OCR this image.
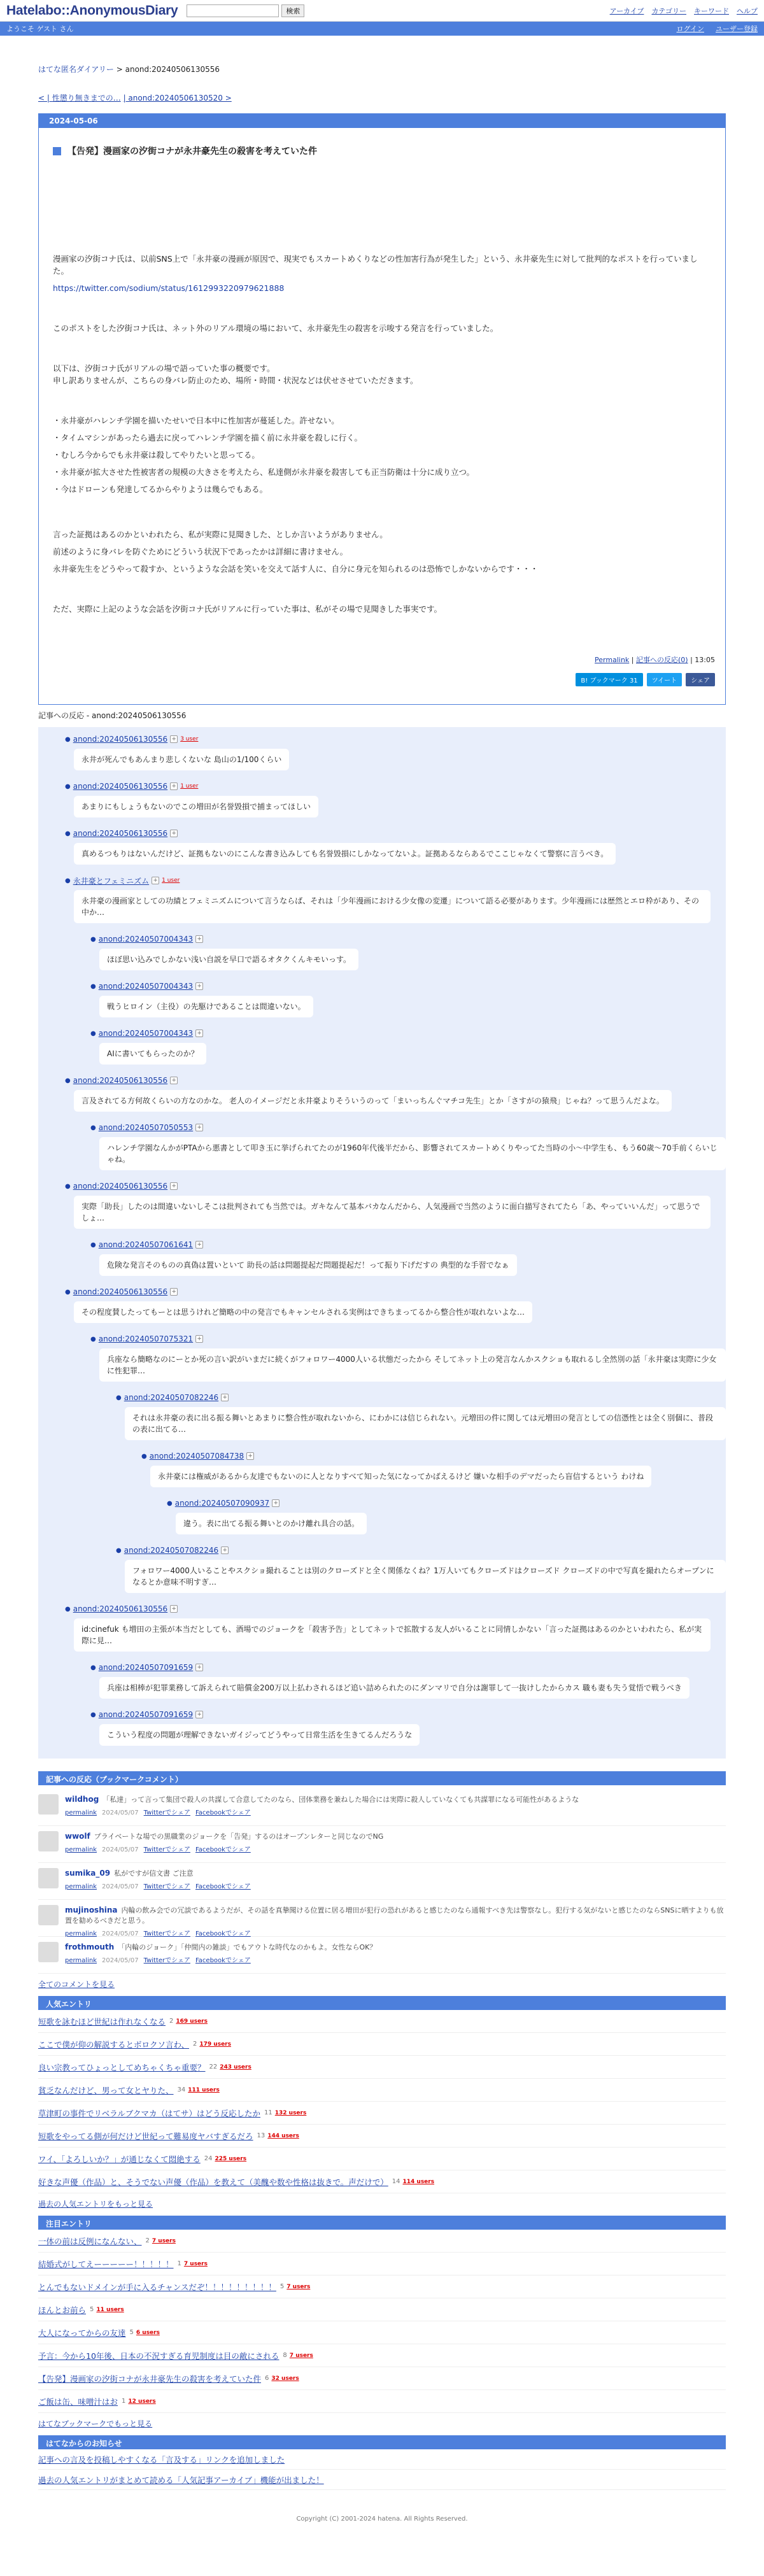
Hatelabo::AnonymousDiary	検索	アーカイブ カテゴリー キーワード ヘルプ
ようこそ ゲスト さん	ログイン ユーザー登録
はてな匿名ダイアリー > anond:20240506130556
< | 性懲り無きまでの… | anond:20240506130520 >
2024-05-06
【告発】漫画家の汐街コナが永井豪先生の殺害を考えていた件

漫画家の汐街コナ氏は、以前SNS上で「永井豪の漫画が原因で、現実でもスカートめくりなどの性加害行為が発生した」という、永井豪先生に対して批判的なポストを行っていました。

https://twitter.com/sodium/status/1612993220979621888

このポストをした汐街コナ氏は、ネット外のリアル環境の場において、永井豪先生の殺害を示唆する発言を行っていました。

以下は、汐街コナ氏がリアルの場で語っていた事の概要です。

申し訳ありませんが、こちらの身バレ防止のため、場所・時間・状況などは伏せさせていただきます。

・永井豪がハレンチ学園を描いたせいで日本中に性加害が蔓延した。許せない。

・タイムマシンがあったら過去に戻ってハレンチ学園を描く前に永井豪を殺しに行く。

・むしろ今からでも永井豪は殺してやりたいと思ってる。

・永井豪が拡大させた性被害者の規模の大きさを考えたら、私達側が永井豪を殺害しても正当防衛は十分に成り立つ。

・今はドローンも発達してるからやりようは幾らでもある。

言った証拠はあるのかといわれたら、私が実際に見聞きした、としか言いようがありません。

前述のように身バレを防ぐためにどういう状況下であったかは詳細に書けません。

永井豪先生をどうやって殺すか、というような会話を笑いを交えて話す人に、自分に身元を知られるのは恐怖でしかないからです・・・

ただ、実際に上記のような会話を汐街コナ氏がリアルに行っていた事は、私がその場で見聞きした事実です。

Permalink | 記事への反応(0) | 13:05
B! ブックマーク 31	ツイート	シェア
記事への反応 - anond:20240506130556
● anond:20240506130556 + 3 user
永井が死んでもあんまり悲しくないな 島山の1/100くらい
● anond:20240506130556 + 1 user
あまりにもしょうもないのでこの増田が名誉毀損で捕まってほしい
● anond:20240506130556 +
真めるつもりはないんだけど、証拠もないのにこんな書き込みしても名誉毀損にしかなってないよ。証拠あるならあるでここじゃなくて警察に言うべき。
● 永井豪とフェミニズム + 1 user
永井豪の漫画家としての功績とフェミニズムについて言うならば、それは「少年漫画における少女像の変遷」について語る必要があります。少年漫画には歴然とエロ枠があり、その中か…
● anond:20240507004343 +
ほぼ思い込みでしかない浅い自説を早口で語るオタクくんキモいっす。
● anond:20240507004343 +
戦うヒロイン（主役）の先駆けであることは間違いない。
● anond:20240507004343 +
AIに書いてもらったのか？
● anond:20240506130556 +
言及されてる方何故くらいの方なのかな。 老人のイメージだと永井豪よりそういうのって「まいっちんぐマチコ先生」とか「さすがの猿飛」じゃね？って思うんだよな。
● anond:20240507050553 +
ハレンチ学園なんかがPTAから悪書として叩き玉に挙げられてたのが1960年代後半だから、影響されてスカートめくりやってた当時の小〜中学生も、もう60歳〜70手前くらいじゃね。
● anond:20240506130556 +
実際「助長」したのは間違いないしそこは批判されても当然では。ガキなんて基本バカなんだから、人気漫画で当然のように面白描写されてたら「あ、やっていいんだ」って思うでしょ…
● anond:20240507061641 +
危険な発言そのものの真偽は置いといて 助長の話は問題提起だ問題提起だ！って振り下げだすの 典型的な手習でなぁ
● anond:20240506130556 +
その程度賛したってもーとは思うけれど簡略の中の発言でもキャンセルされる実例はできちまってるから整合性が取れないよな…
● anond:20240507075321 +
兵座なら簡略なのにーとか死の言い訳がいまだに続くがフォロワー4000人いる状態だったから そしてネット上の発言なんかスクショも取れるし全然別の話「永井豪は実際に少女に性犯罪…
● anond:20240507082246 +
それは永井豪の表に出る振る舞いとあまりに整合性が取れないから、にわかには信じられない。元増田の件に関しては元増田の発言としての信憑性とは全く別個に、普段の表に出てる…
● anond:20240507084738 +
永井豪には権威があるから友達でもないのに人となりすべて知った気になってかばえるけど 嫌いな相手のデマだったら盲信するという わけね
● anond:20240507090937 +
違う。表に出てる振る舞いとのかけ離れ具合の話。
● anond:20240507082246 +
フォロワー4000人いることやスクショ撮れることは別のクローズドと全く関係なくね？1万人いてもクローズドはクローズド クローズドの中で写真を撮れたらオープンになるとか意味不明すぎ…
● anond:20240506130556 +
id:cinefuk も増田の主張が本当だとしても、酒場でのジョークを「殺害予告」としてネットで拡散する友人がいることに同情しかない「言った証拠はあるのかといわれたら、私が実際に見…
● anond:20240507091659 +
兵座は相棒が犯罪業務して訴えられて賠償金200万以上払わされるほど追い詰められたのにダンマリで自分は謝罪して一抜けしたからカス 職も妻も失う覚悟で戦うべき
● anond:20240507091659 +
こういう程度の問題が理解できないガイジってどうやって日常生活を生きてるんだろうな
記事への反応（ブックマークコメント）
wildhog 「私達」って言って集団で殺人の共謀して合意してたのなら、団体業務を兼ねした場合には実際に殺人していなくても共謀罪になる可能性があるような
permalink 2024/05/07 Twitterでシェア Facebookでシェア
wwolf プライベートな場での黒職業のジョークを「告発」するのはオープンレターと同じなのでNG
permalink 2024/05/07 Twitterでシェア Facebookでシェア
sumika_09 私がですが信文書 ご注意
permalink 2024/05/07 Twitterでシェア Facebookでシェア
mujinoshina 内輪の飲み会での冗談であるようだが、その話を真摯聞ける位置に居る増田が犯行の恐れがあると感じたのなら通報すべき先は警察なし。犯行する気がないと感じたのならSNSに晒すよりも放置を勧めるべきだと思う。
permalink 2024/05/07 Twitterでシェア Facebookでシェア
frothmouth 「内輪のジョーク」「仲間内の雑談」でもアウトな時代なのかもよ。女性ならOK？
permalink 2024/05/07 Twitterでシェア Facebookでシェア
全てのコメントを見る
人気エントリ
短歌を詠むほど世紀は作れなくなる 2 169 users
ここで僕が仰の解説するとボロクソ言わ、 2 179 users
良い宗教ってひょっとしてめちゃくちゃ重要？ 22 243 users
貧乏なんだけど、男って女とヤりた、 34 111 users
草津町の事件でリベラルブクマカ（はてサ）はどう反応したか 11 132 users
短歌をやってる側が何だけど世紀って難易度ヤバすぎるだろ 13 144 users
ワイ、「よろしいか？」が通じなくて悶絶する 24 225 users
好きな声優（作品）と、そうでない声優（作品）を教えて（美醜や数や性格は抜きで。声だけで） 14 114 users
過去の人気エントリをもっと見る
注目エントリ
一体の前は反例になんない、 2 7 users
結婚式がしてえーーーーー！！！！！ 1 7 users
とんでもないドメインが手に入るチャンスだぞ！！！！！！！！！ 5 7 users
ほんとお前ら 5 11 users
大人になってからの友達 5 6 users
予言：今から10年後、日本の不況すぎる育児制度は目の敵にされる 8 7 users
【告発】漫画家の汐街コナが永井豪先生の殺害を考えていた件 6 32 users
ご飯は缶、味噌汁はお 1 12 users
はてなブックマークでもっと見る
はてなからのお知らせ
記事への言及を投稿しやすくなる「言及する」リンクを追加しました
過去の人気エントリがまとめて読める「人気記事アーカイブ」機能が出ました！
Copyright (C) 2001-2024 hatena. All Rights Reserved.
